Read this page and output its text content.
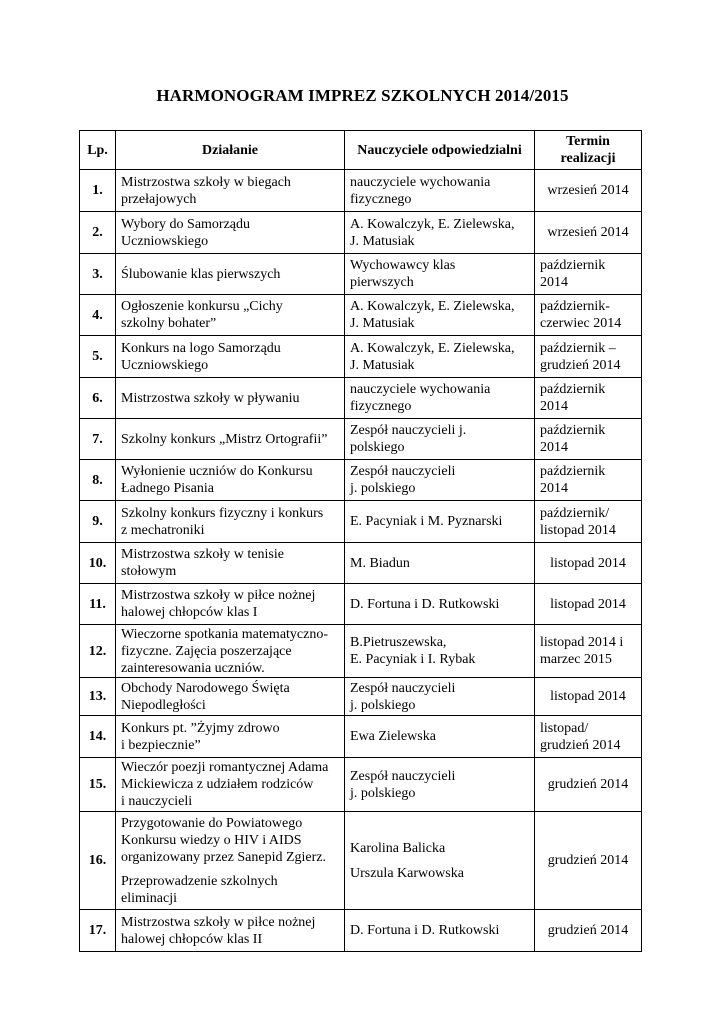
HARMONOGRAM IMPREZ SZKOLNYCH 2014/2015
Lp.	Działanie	Nauczyciele odpowiedzialni	Termin realizacji
1.	Mistrzostwa szkoły w biegach
przełajowych	nauczyciele wychowania
fizycznego	wrzesień 2014

2.	Wybory do Samorządu
Uczniowskiego	A. Kowalczyk, E. Zielewska,
J. Matusiak	wrzesień 2014

3.	Ślubowanie klas pierwszych	Wychowawcy klas
pierwszych	październik
2014

4.	Ogłoszenie konkursu „Cichy
szkolny bohater”	A. Kowalczyk, E. Zielewska,
J. Matusiak	październik-
czerwiec 2014

5.	Konkurs na logo Samorządu
Uczniowskiego	A. Kowalczyk, E. Zielewska,
J. Matusiak	październik –
grudzień 2014

6.	Mistrzostwa szkoły w pływaniu	nauczyciele wychowania
fizycznego	październik
2014

7.	Szkolny konkurs „Mistrz Ortografii”	Zespół nauczycieli j.
polskiego	październik
2014

8.	Wyłonienie uczniów do Konkursu
Ładnego Pisania	Zespół nauczycieli
j. polskiego	październik
2014

9.	Szkolny konkurs fizyczny i konkurs
z mechatroniki	E. Pacyniak i M. Pyznarski	październik/
listopad 2014

10.	Mistrzostwa szkoły w tenisie
stołowym	M. Biadun	listopad 2014

11.	Mistrzostwa szkoły w piłce nożnej
halowej chłopców klas I	D. Fortuna i D. Rutkowski	listopad 2014

12.	Wieczorne spotkania matematyczno-
fizyczne. Zajęcia poszerzające
zainteresowania uczniów.	B.Pietruszewska,
E. Pacyniak i I. Rybak	listopad 2014 i
marzec 2015

13.	Obchody Narodowego Święta
Niepodległości	Zespół nauczycieli
j. polskiego	listopad 2014

14.	Konkurs pt. ”Żyjmy zdrowo
i bezpiecznie”	Ewa Zielewska	listopad/
grudzień 2014

15.	Wieczór poezji romantycznej Adama
Mickiewicza z udziałem rodziców
i nauczycieli	Zespół nauczycieli
j. polskiego	grudzień 2014

16.	Przygotowanie do Powiatowego
Konkursu wiedzy o HIV i AIDS
organizowany przez Sanepid Zgierz.
Przeprowadzenie szkolnych
eliminacji	Karolina Balicka
Urszula Karwowska	grudzień 2014

17.	Mistrzostwa szkoły w piłce nożnej
halowej chłopców klas II	D. Fortuna i D. Rutkowski	grudzień 2014
